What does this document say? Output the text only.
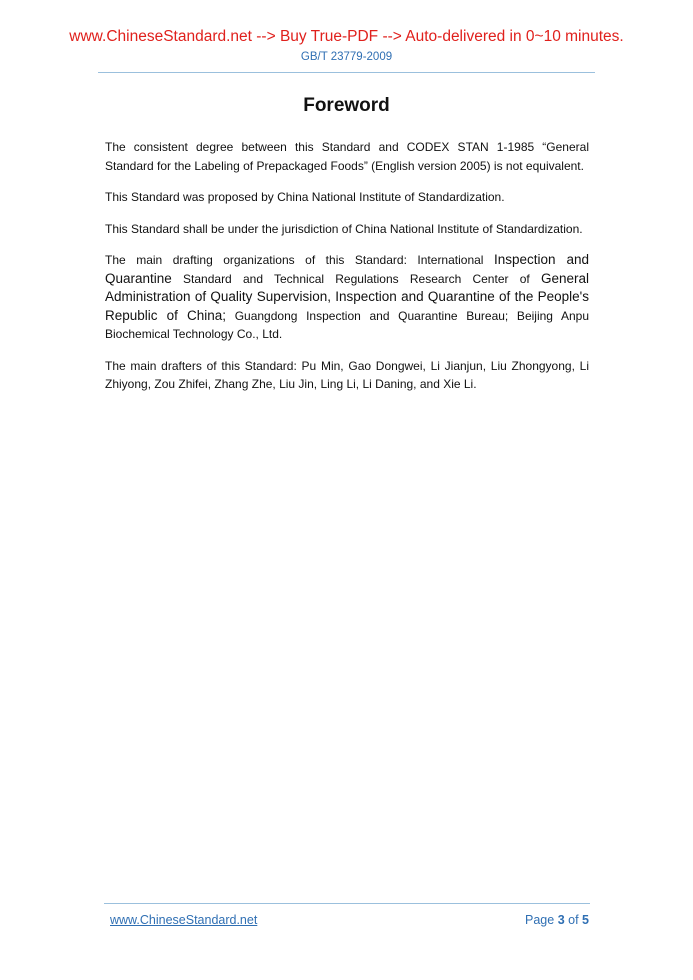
www.ChineseStandard.net --> Buy True-PDF --> Auto-delivered in 0~10 minutes.
GB/T 23779-2009
Foreword

The consistent degree between this Standard and CODEX STAN 1-1985 “General Standard for the Labeling of Prepackaged Foods” (English version 2005) is not equivalent.

This Standard was proposed by China National Institute of Standardization.

This Standard shall be under the jurisdiction of China National Institute of Standardization.

The main drafting organizations of this Standard: International Inspection and Quarantine Standard and Technical Regulations Research Center of General Administration of Quality Supervision, Inspection and Quarantine of the People's Republic of China; Guangdong Inspection and Quarantine Bureau; Beijing Anpu Biochemical Technology Co., Ltd.

The main drafters of this Standard: Pu Min, Gao Dongwei, Li Jianjun, Liu Zhongyong, Li Zhiyong, Zou Zhifei, Zhang Zhe, Liu Jin, Ling Li, Li Daning, and Xie Li.

www.ChineseStandard.net	Page 3 of 5
